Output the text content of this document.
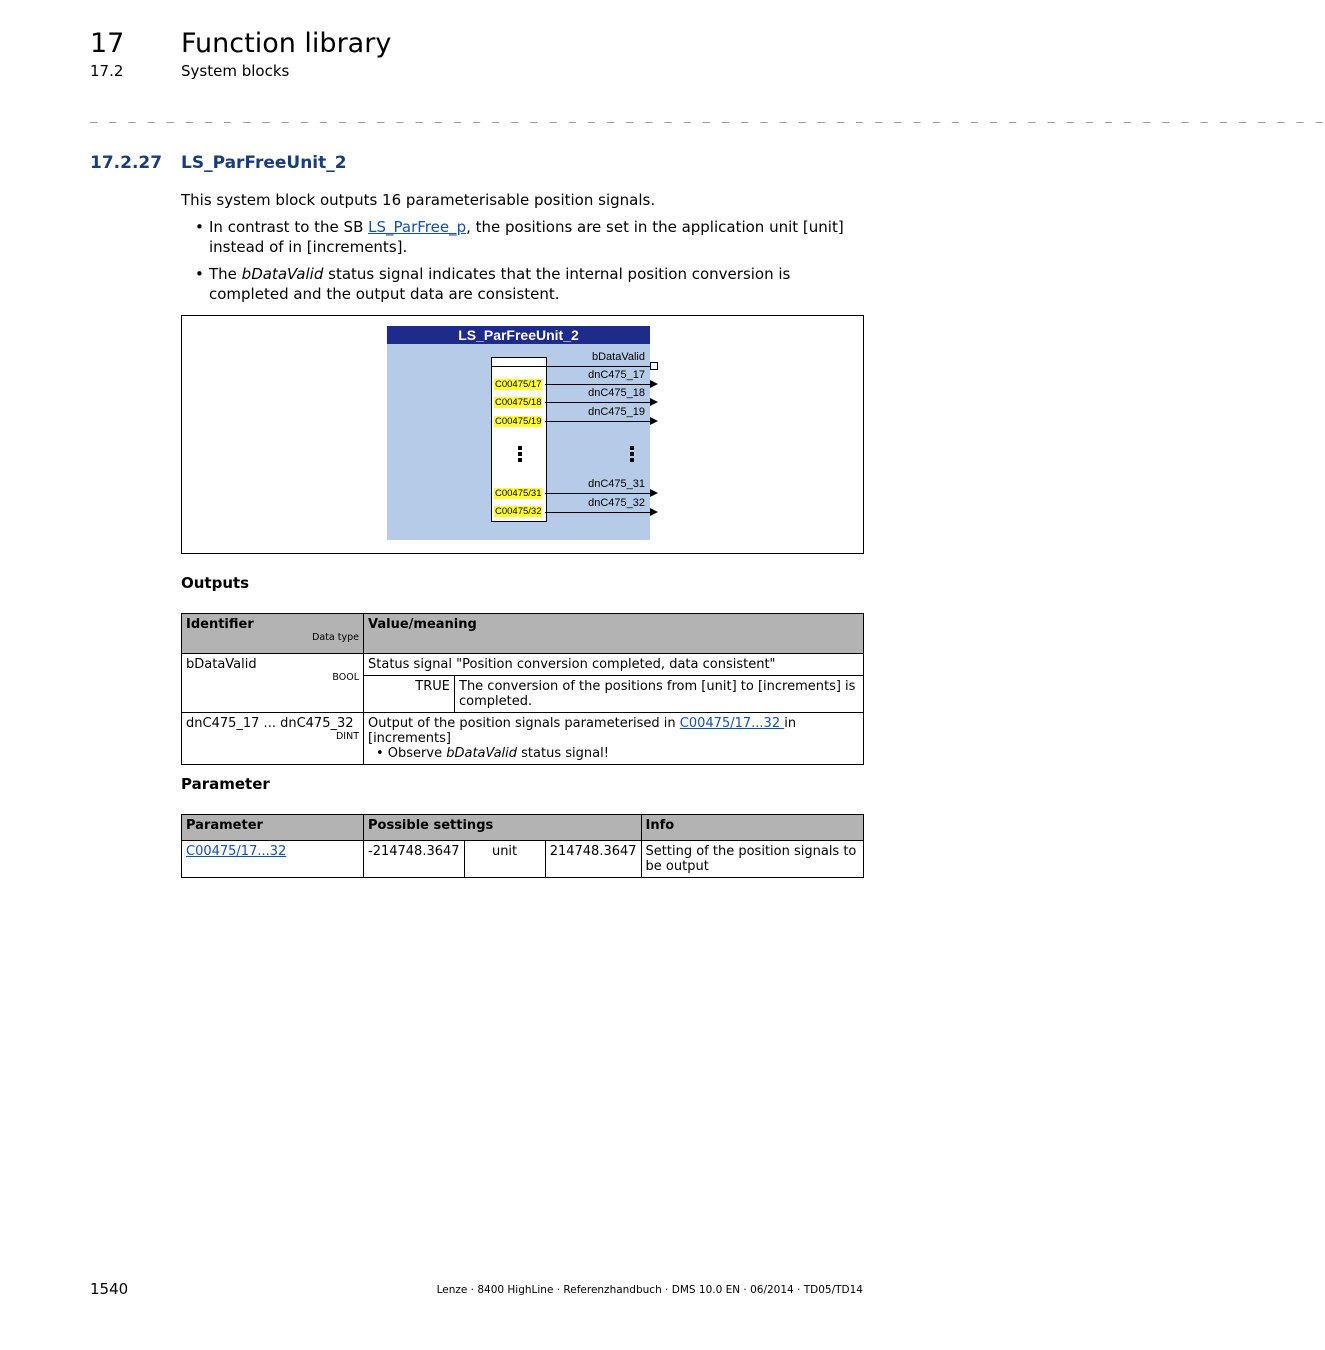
17 Function library
17.2	System blocks
_ _ _ _ _ _ _ _ _ _ _ _ _ _ _ _ _ _ _ _ _ _ _ _ _ _ _ _ _ _ _ _ _ _ _ _ _ _ _ _ _ _ _ _ _ _ _ _ _ _ _ _ _ _ _ _ _ _ _ _ _ _ _ _ _
17.2.27 LS_ParFreeUnit_2
This system block outputs 16 parameterisable position signals.
• In contrast to the SB LS_ParFree_p, the positions are set in the application unit [unit] instead of in [increments].
• The bDataValid status signal indicates that the internal position conversion is completed and the output data are consistent.
LS_ParFreeUnit_2
C00475/17
C00475/18
C00475/19
C00475/31
C00475/32
bDataValid
dnC475_17
dnC475_18
dnC475_19
dnC475_31
dnC475_32
Outputs
Identifier
Data type	Value/meaning	
bDataValid
BOOL	Status signal "Position conversion completed, data consistent"	
	TRUE	The conversion of the positions from [unit] to [increments] is completed.
dnC475_17 ... dnC475_32
DINT	Output of the position signals parameterised in C00475/17...32 in [increments]
• Observe bDataValid status signal!	
Parameter
Parameter	Possible settings			Info
C00475/17...32	-214748.3647	unit	214748.3647	Setting of the position signals to be output
1540	Lenze · 8400 HighLine · Referenzhandbuch · DMS 10.0 EN · 06/2014 · TD05/TD14
